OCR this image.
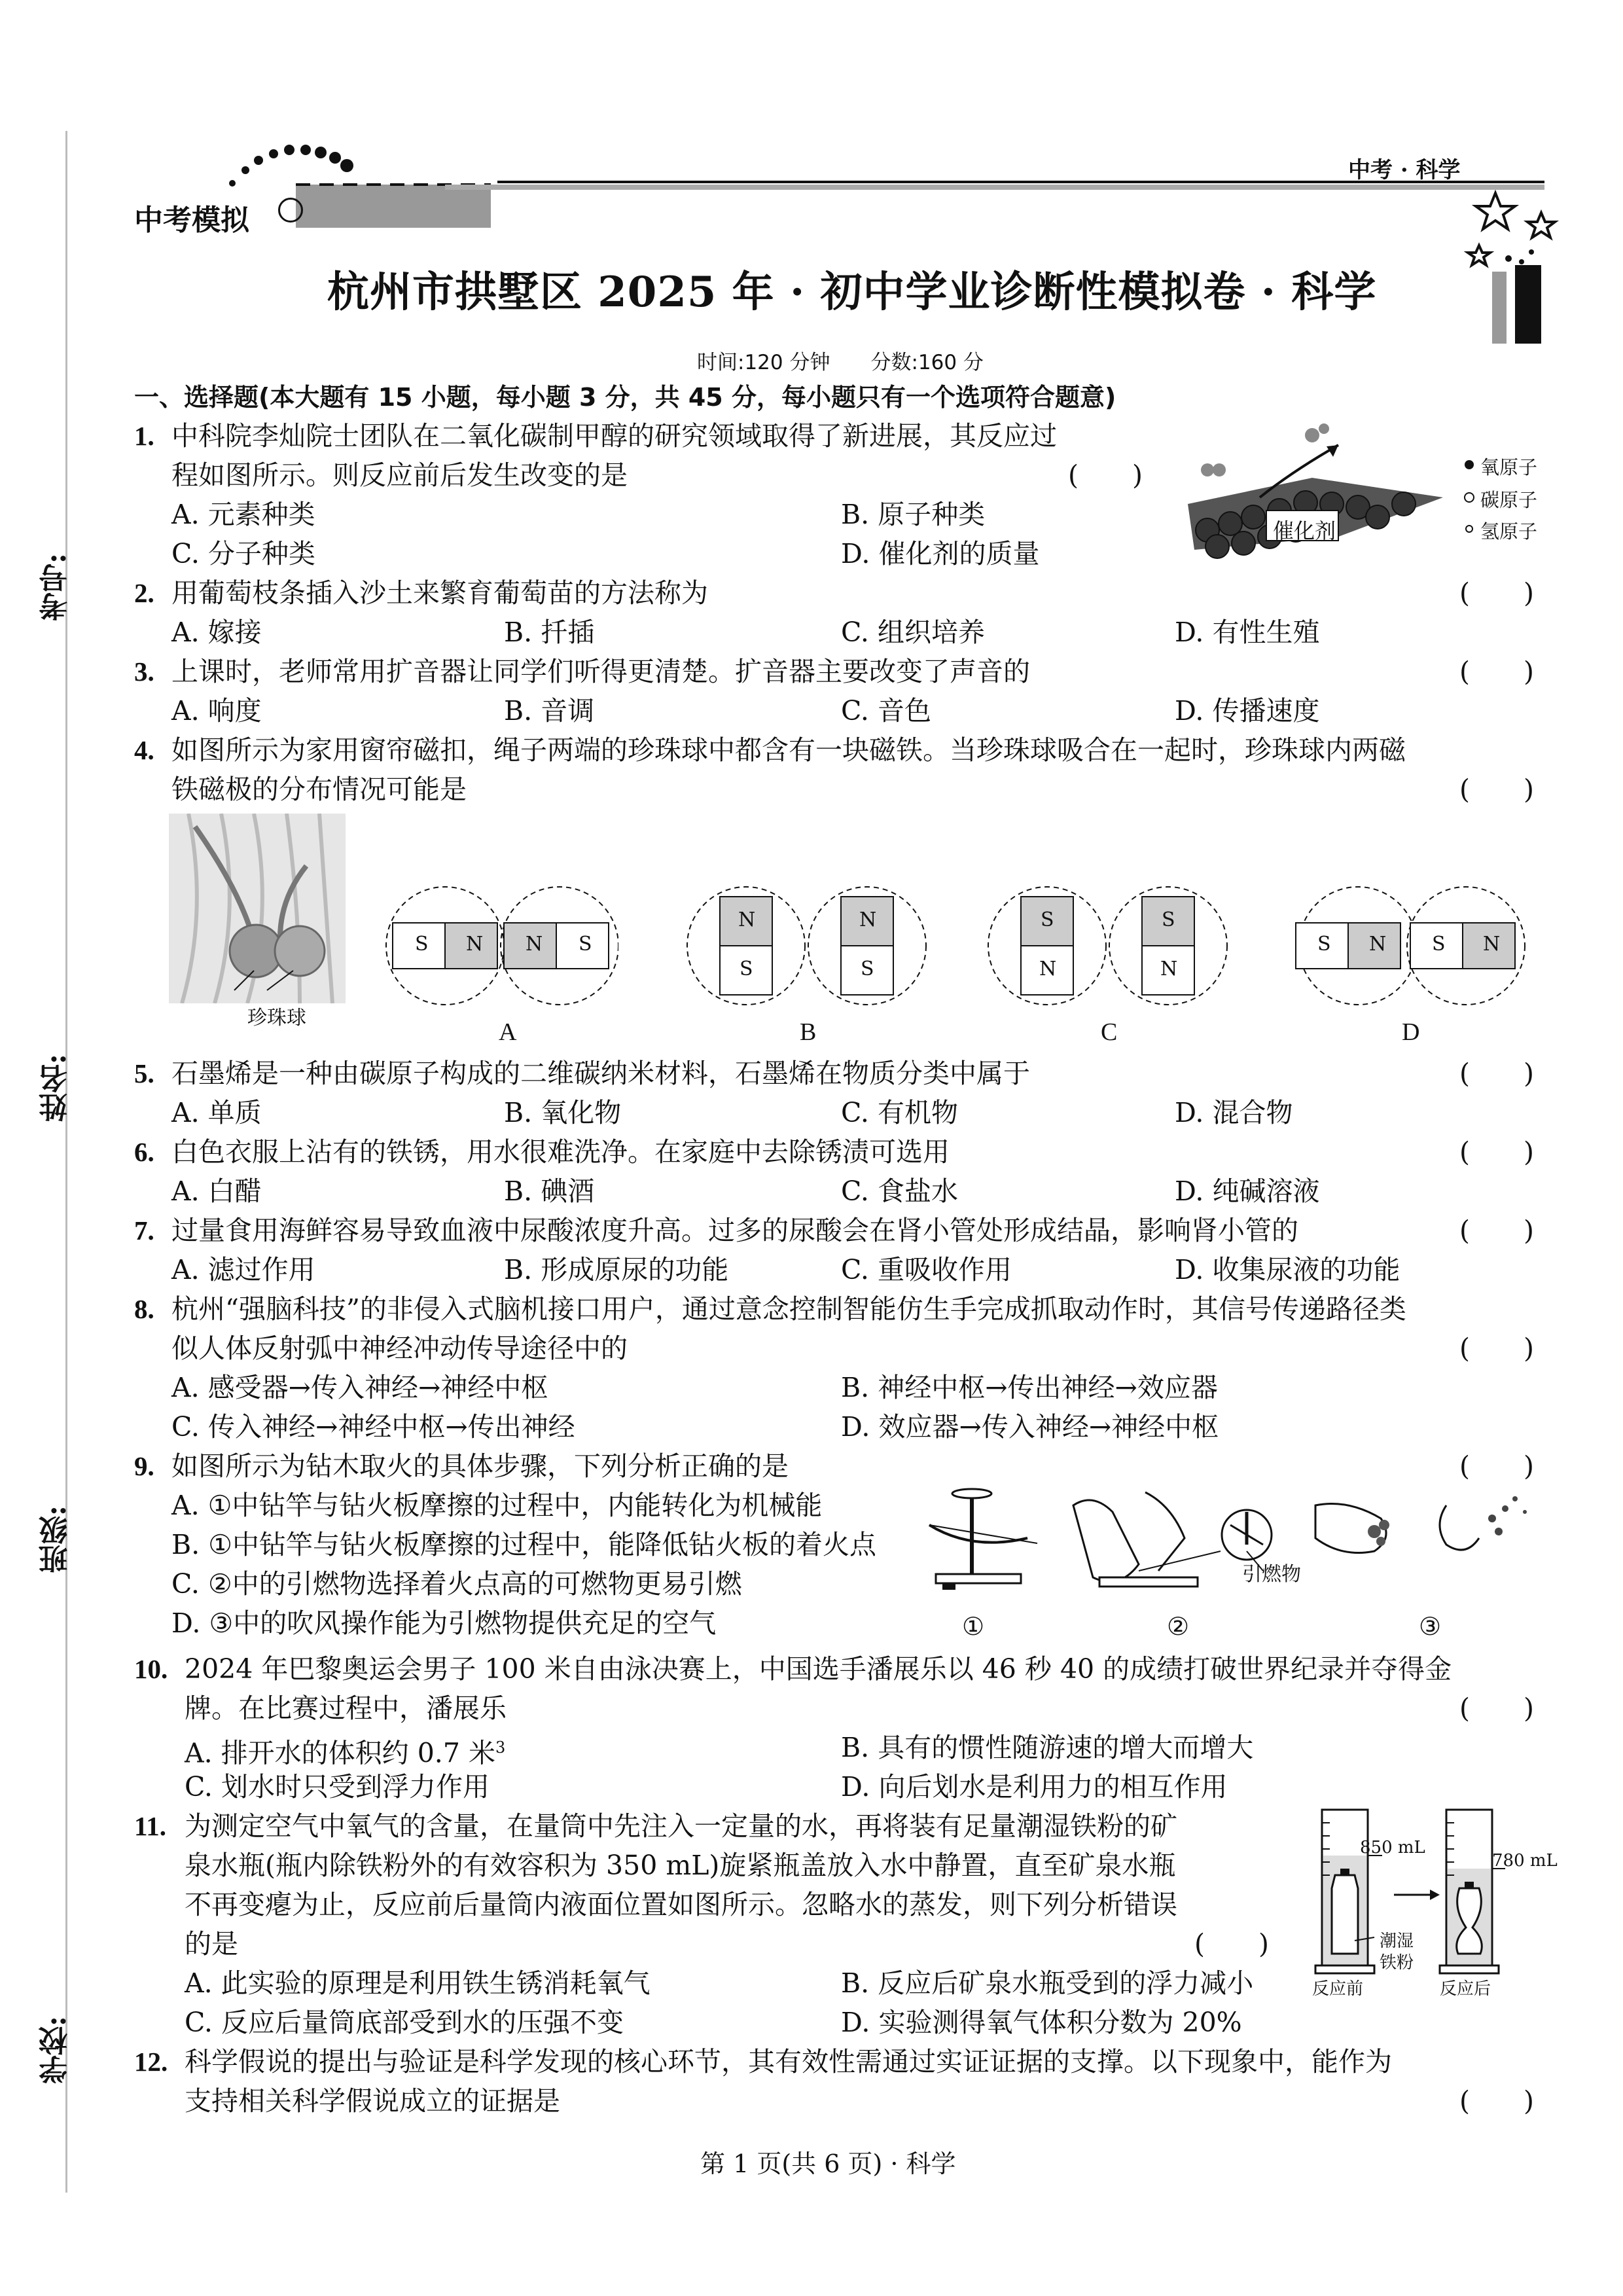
中考模拟
中考 · 科学
杭州市拱墅区 2025 年 · 初中学业诊断性模拟卷 · 科学
时间:120 分钟　　分数:160 分
考号:
姓名:
班级:
学校:
一、选择题(本大题有 15 小题，每小题 3 分，共 45 分，每小题只有一个选项符合题意)
1. 中科院李灿院士团队在二氧化碳制甲醇的研究领域取得了新进展，其反应过
程如图所示。则反应前后发生改变的是	(　　)
A. 元素种类	B. 原子种类
C. 分子种类	D. 催化剂的质量
催化剂
氧原子
碳原子
氢原子
2. 用葡萄枝条插入沙土来繁育葡萄苗的方法称为	(　　)
A. 嫁接	B. 扦插	C. 组织培养	D. 有性生殖
3. 上课时，老师常用扩音器让同学们听得更清楚。扩音器主要改变了声音的	(　　)
A. 响度	B. 音调	C. 音色	D. 传播速度
4. 如图所示为家用窗帘磁扣，绳子两端的珍珠球中都含有一块磁铁。当珍珠球吸合在一起时，珍珠球内两磁
铁磁极的分布情况可能是	(　　)
珍珠球
S N N S
N
S
N
S
S
N
S
N
S N S N
A	B	C	D
5. 石墨烯是一种由碳原子构成的二维碳纳米材料，石墨烯在物质分类中属于	(　　)
A. 单质	B. 氧化物	C. 有机物	D. 混合物
6. 白色衣服上沾有的铁锈，用水很难洗净。在家庭中去除锈渍可选用	(　　)
A. 白醋	B. 碘酒	C. 食盐水	D. 纯碱溶液
7. 过量食用海鲜容易导致血液中尿酸浓度升高。过多的尿酸会在肾小管处形成结晶，影响肾小管的	(　　)
A. 滤过作用	B. 形成原尿的功能	C. 重吸收作用	D. 收集尿液的功能
8. 杭州“强脑科技”的非侵入式脑机接口用户，通过意念控制智能仿生手完成抓取动作时，其信号传递路径类
似人体反射弧中神经冲动传导途径中的	(　　)
A. 感受器→传入神经→神经中枢	B. 神经中枢→传出神经→效应器
C. 传入神经→神经中枢→传出神经	D. 效应器→传入神经→神经中枢
9. 如图所示为钻木取火的具体步骤，下列分析正确的是	(　　)
A. ①中钻竿与钻火板摩擦的过程中，内能转化为机械能
B. ①中钻竿与钻火板摩擦的过程中，能降低钻火板的着火点
C. ②中的引燃物选择着火点高的可燃物更易引燃
D. ③中的吹风操作能为引燃物提供充足的空气
引燃物
①	②	③
10. 2024 年巴黎奥运会男子 100 米自由泳决赛上，中国选手潘展乐以 46 秒 40 的成绩打破世界纪录并夺得金
牌。在比赛过程中，潘展乐	(　　)
A. 排开水的体积约 0.7 米$^3$	B. 具有的惯性随游速的增大而增大
C. 划水时只受到浮力作用	D. 向后划水是利用力的相互作用
11. 为测定空气中氧气的含量，在量筒中先注入一定量的水，再将装有足量潮湿铁粉的矿
泉水瓶(瓶内除铁粉外的有效容积为 350 mL)旋紧瓶盖放入水中静置，直至矿泉水瓶
不再变瘪为止，反应前后量筒内液面位置如图所示。忽略水的蒸发，则下列分析错误
的是	(　　)
A. 此实验的原理是利用铁生锈消耗氧气	B. 反应后矿泉水瓶受到的浮力减小
C. 反应后量筒底部受到水的压强不变	D. 实验测得氧气体积分数为 20%
850 mL
780 mL
潮湿
铁粉
反应前	反应后
12. 科学假说的提出与验证是科学发现的核心环节，其有效性需通过实证证据的支撑。以下现象中，能作为
支持相关科学假说成立的证据是	(　　)
第 1 页(共 6 页) · 科学
